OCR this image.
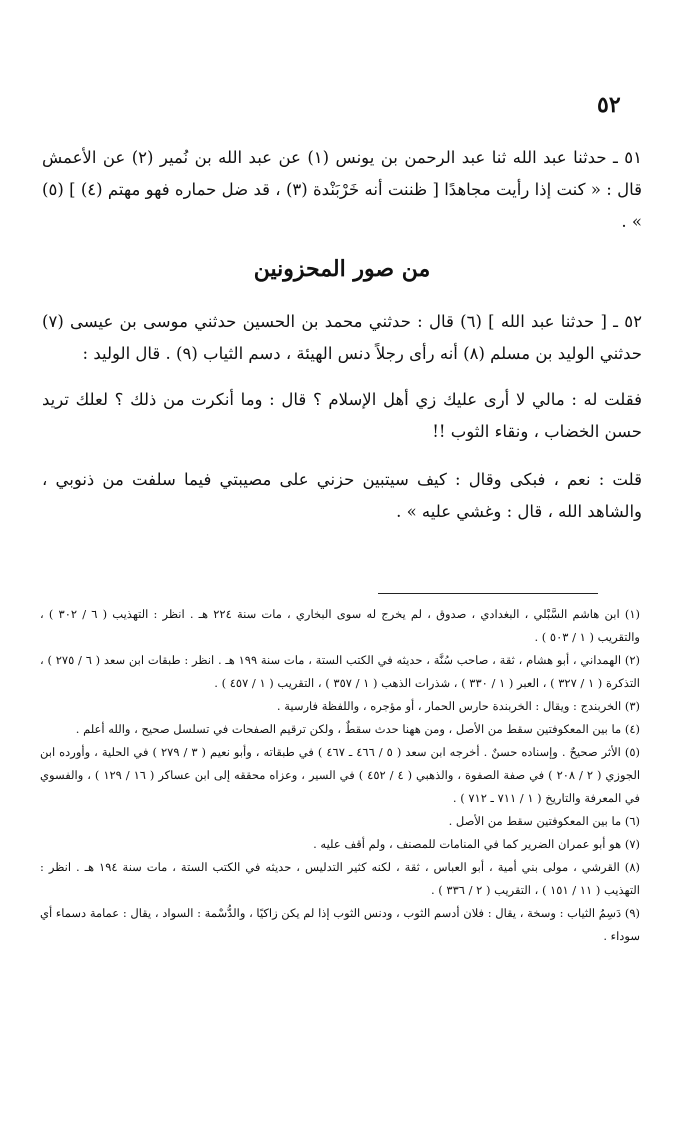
٥٢

٥١ ـ حدثنا عبد الله ثنا عبد الرحمن بن يونس (١) عن عبد الله بن نُمير (٢) عن الأعمش قال : « كنت إذا رأيت مجاهدًا [ ظننت أنه خَرْبَنْدة (٣) ، قد ضل حماره فهو مهتم (٤) ] (٥) » .

من صور المحزونين

٥٢ ـ [ حدثنا عبد الله ] (٦) قال : حدثني محمد بن الحسين حدثني موسى بن عيسى (٧) حدثني الوليد بن مسلم (٨) أنه رأى رجلاً دنس الهيئة ، دسم الثياب (٩) . قال الوليد :

فقلت له : مالي لا أرى عليك زي أهل الإسلام ؟ قال : وما أنكرت من ذلك ؟ لعلك تريد حسن الخضاب ، ونقاء الثوب !!

قلت : نعم ، فبكى وقال : كيف سيتبين حزني على مصيبتي فيما سلفت من ذنوبي ، والشاهد الله ، قال : وغشي عليه » .

(١) ابن هاشم السَّبْلي ، البغدادي ، صدوق ، لم يخرج له سوى البخاري ، مات سنة ٢٢٤ هـ . انظر : التهذيب ( ٦ / ٣٠٢ ) ، والتقريب ( ١ / ٥٠٣ ) .

(٢) الهمداني ، أبو هشام ، ثقة ، صاحب سُنَّة ، حديثه في الكتب الستة ، مات سنة ١٩٩ هـ . انظر : طبقات ابن سعد ( ٦ / ٢٧٥ ) ، التذكرة ( ١ / ٣٢٧ ) ، العبر ( ١ / ٣٣٠ ) ، شذرات الذهب ( ١ / ٣٥٧ ) ، التقريب ( ١ / ٤٥٧ ) .

(٣) الخربندج : ويقال : الخربندة حارس الحمار ، أو مؤجره ، واللفظة فارسية .

(٤) ما بين المعكوفتين سقط من الأصل ، ومن ههنا حدث سقطٌ ، ولكن ترقيم الصفحات في تسلسل صحيح ، والله أعلم .

(٥) الأثر صحيحٌ . وإسناده حسنٌ . أخرجه ابن سعد ( ٥ / ٤٦٦ ـ ٤٦٧ ) في طبقاته ، وأبو نعيم ( ٣ / ٢٧٩ ) في الحلية ، وأورده ابن الجوزي ( ٢ / ٢٠٨ ) في صفة الصفوة ، والذهبي ( ٤ / ٤٥٢ ) في السير ، وعزاه محققه إلى ابن عساكر ( ١٦ / ١٢٩ ) ، والفسوي في المعرفة والتاريخ ( ١ / ٧١١ ـ ٧١٢ ) .

(٦) ما بين المعكوفتين سقط من الأصل .

(٧) هو أبو عمران الضرير كما في المنامات للمصنف ، ولم أقف عليه .

(٨) القرشي ، مولى بني أمية ، أبو العباس ، ثقة ، لكنه كثير التدليس ، حديثه في الكتب الستة ، مات سنة ١٩٤ هـ . انظر : التهذيب ( ١١ / ١٥١ ) ، التقريب ( ٢ / ٣٣٦ ) .

(٩) دَسِمُ الثياب : وسخة ، يقال : فلان أدسم الثوب ، ودنس الثوب إذا لم يكن زاكيًا ، والدُّسْمة : السواد ، يقال : عمامة دسماء أي سوداء .
